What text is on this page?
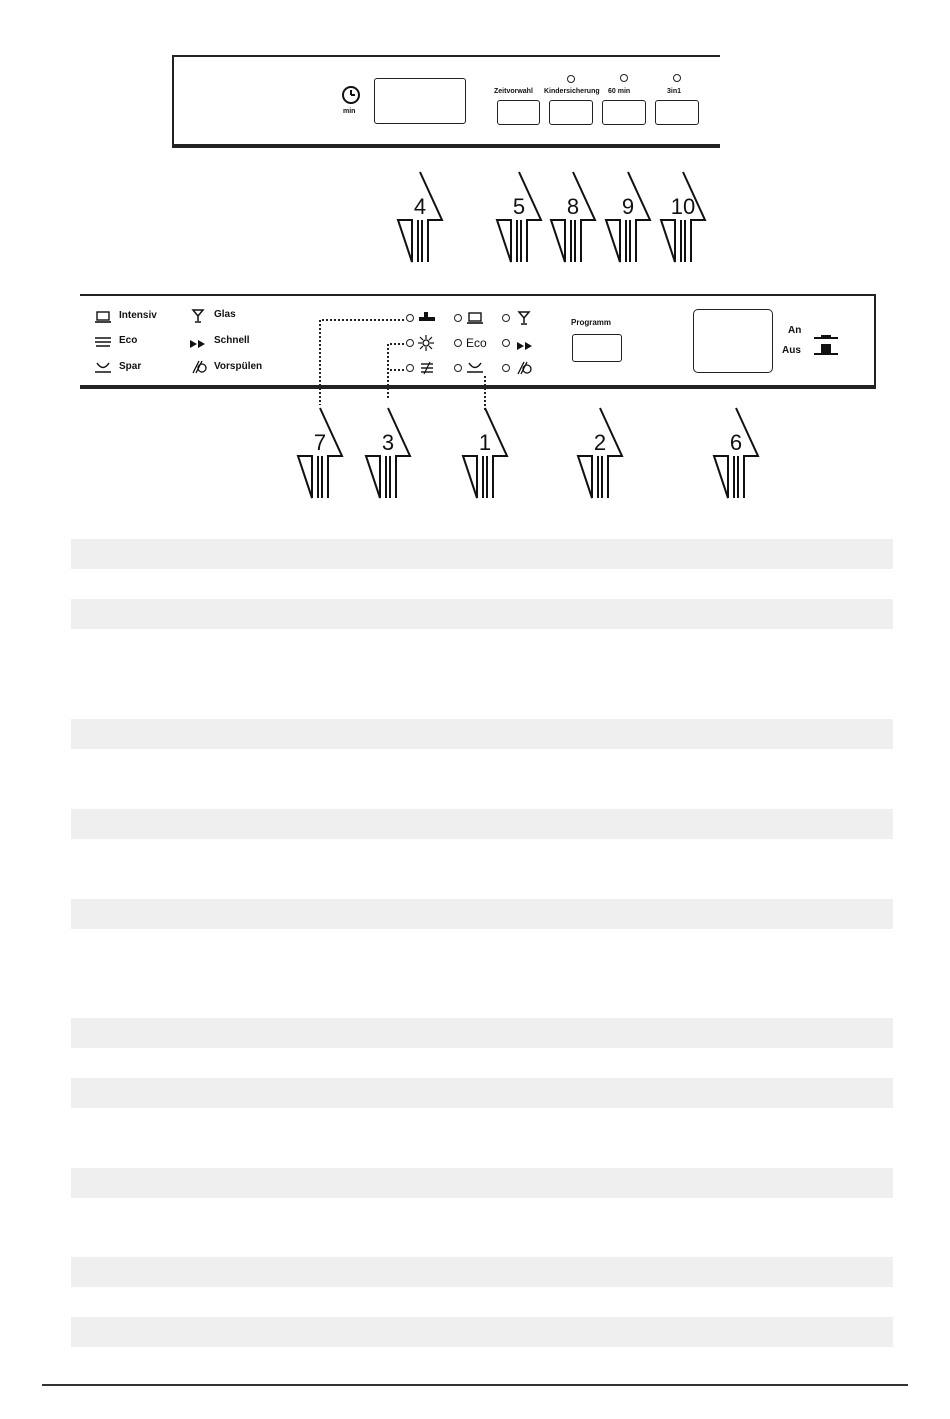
min
Zeitvorwahl Kindersicherung 60 min	3in1
Intensiv
Eco
Spar
Glas
Schnell
Vorspülen
Eco
Programm
An
Aus
4	5 8 9 10
7	3	1	2	6
